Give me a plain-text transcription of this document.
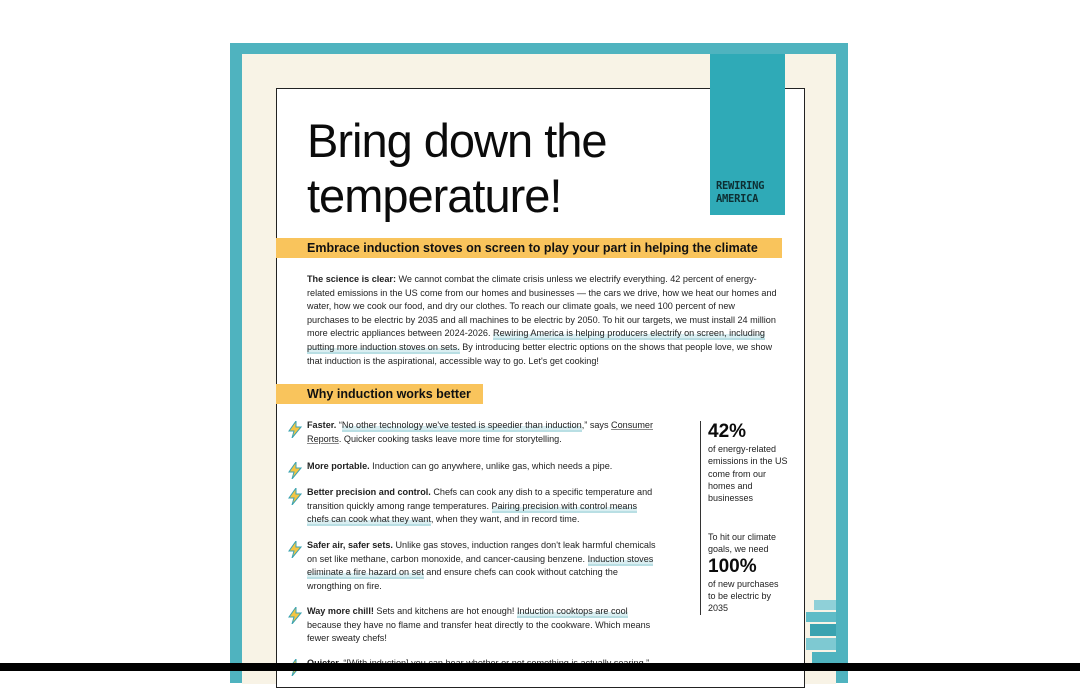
REWIRING
AMERICA
Bring down the temperature!
Embrace induction stoves on screen to play your part in helping the climate
The science is clear: We cannot combat the climate crisis unless we electrify everything. 42 percent of energy-related emissions in the US come from our homes and businesses — the cars we drive, how we heat our homes and water, how we cook our food, and dry our clothes. To reach our climate goals, we need 100 percent of new purchases to be electric by 2035 and all machines to be electric by 2050. To hit our targets, we must install 24 million more electric appliances between 2024-2026. Rewiring America is helping producers electrify on screen, including putting more induction stoves on sets. By introducing better electric options on the shows that people love, we show that induction is the aspirational, accessible way to go. Let's get cooking!
Why induction works better
Faster. “No other technology we've tested is speedier than induction,” says Consumer Reports. Quicker cooking tasks leave more time for storytelling.
More portable. Induction can go anywhere, unlike gas, which needs a pipe.
Better precision and control. Chefs can cook any dish to a specific temperature and transition quickly among range temperatures. Pairing precision with control means chefs can cook what they want, when they want, and in record time.
Safer air, safer sets. Unlike gas stoves, induction ranges don't leak harmful chemicals on set like methane, carbon monoxide, and cancer-causing benzene. Induction stoves eliminate a fire hazard on set and ensure chefs can cook without catching the wrongthing on fire.
Way more chill! Sets and kitchens are hot enough! Induction cooktops are cool because they have no flame and transfer heat directly to the cookware. Which means fewer sweaty chefs!
42%
of energy-related emissions in the US come from our homes and businesses
To hit our climate goals, we need
100%
of new purchases to be electric by 2035
